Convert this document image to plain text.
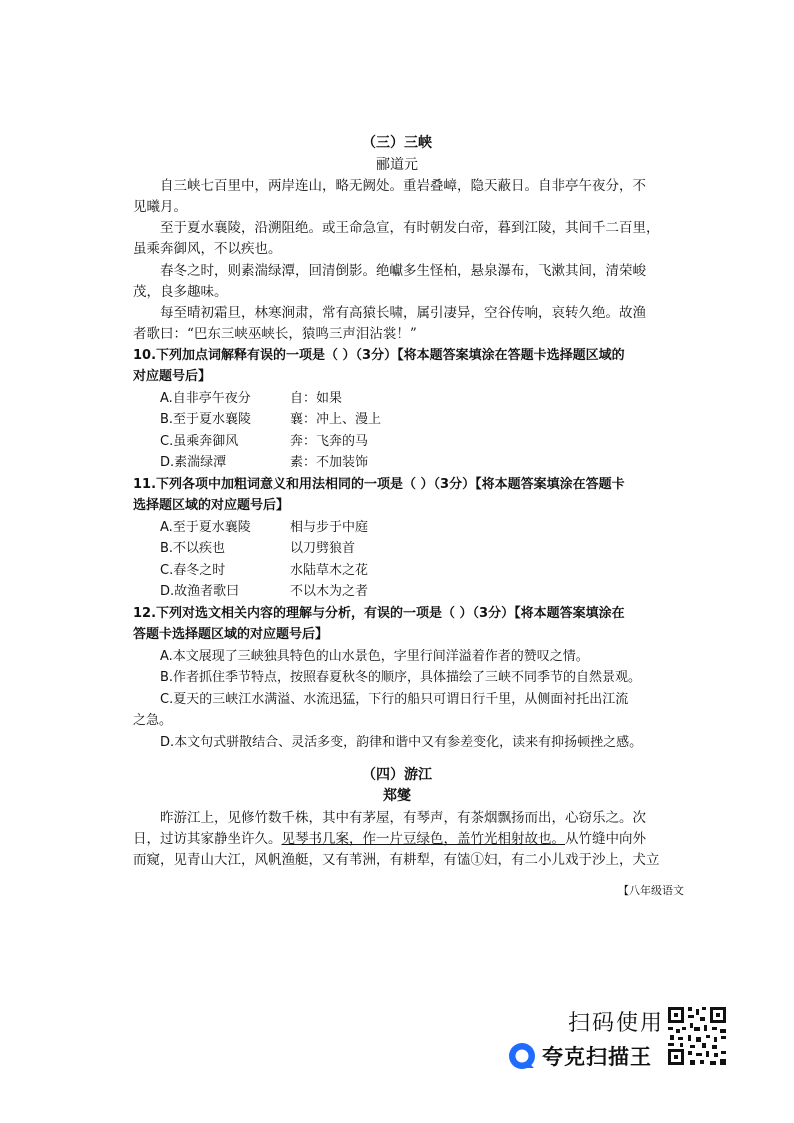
（三）三峡
郦道元
自三峡七百里中，两岸连山，略无阙处。重岩叠嶂，隐天蔽日。自非亭午夜分，不
见曦月。
至于夏水襄陵，沿溯阻绝。或王命急宣，有时朝发白帝，暮到江陵，其间千二百里，
虽乘奔御风，不以疾也。
春冬之时，则素湍绿潭，回清倒影。绝巘多生怪柏，悬泉瀑布，飞漱其间，清荣峻
茂，良多趣味。
每至晴初霜旦，林寒涧肃，常有高猿长啸，属引凄异，空谷传响，哀转久绝。故渔
者歌曰：“巴东三峡巫峡长，猿鸣三声泪沾裳！”
10.下列加点词解释有误的一项是（ ）（3分）【将本题答案填涂在答题卡选择题区域的
对应题号后】
A.自非亭午夜分	自：如果
B.至于夏水襄陵	襄：冲上、漫上
C.虽乘奔御风	奔：飞奔的马
D.素湍绿潭	素：不加装饰
11.下列各项中加粗词意义和用法相同的一项是（ ）（3分）【将本题答案填涂在答题卡
选择题区域的对应题号后】
A.至于夏水襄陵	相与步于中庭
B.不以疾也	以刀劈狼首
C.春冬之时	水陆草木之花
D.故渔者歌曰	不以木为之者
12.下列对选文相关内容的理解与分析，有误的一项是（ ）（3分）【将本题答案填涂在
答题卡选择题区域的对应题号后】
A.本文展现了三峡独具特色的山水景色，字里行间洋溢着作者的赞叹之情。
B.作者抓住季节特点，按照春夏秋冬的顺序，具体描绘了三峡不同季节的自然景观。
C.夏天的三峡江水满溢、水流迅猛，下行的船只可谓日行千里，从侧面衬托出江流
之急。
D.本文句式骈散结合、灵活多变，韵律和谐中又有参差变化，读来有抑扬顿挫之感。
（四）游江
郑燮
昨游江上，见修竹数千株，其中有茅屋，有琴声，有茶烟飘扬而出，心窃乐之。次
日，过访其家静坐许久。见琴书几案，作一片豆绿色，盖竹光相射故也。从竹缝中向外
而窥，见青山大江，风帆渔艇，又有苇洲，有耕犁，有馌①妇，有二小儿戏于沙上，犬立
【八年级语文
扫码使用
夸克扫描王
